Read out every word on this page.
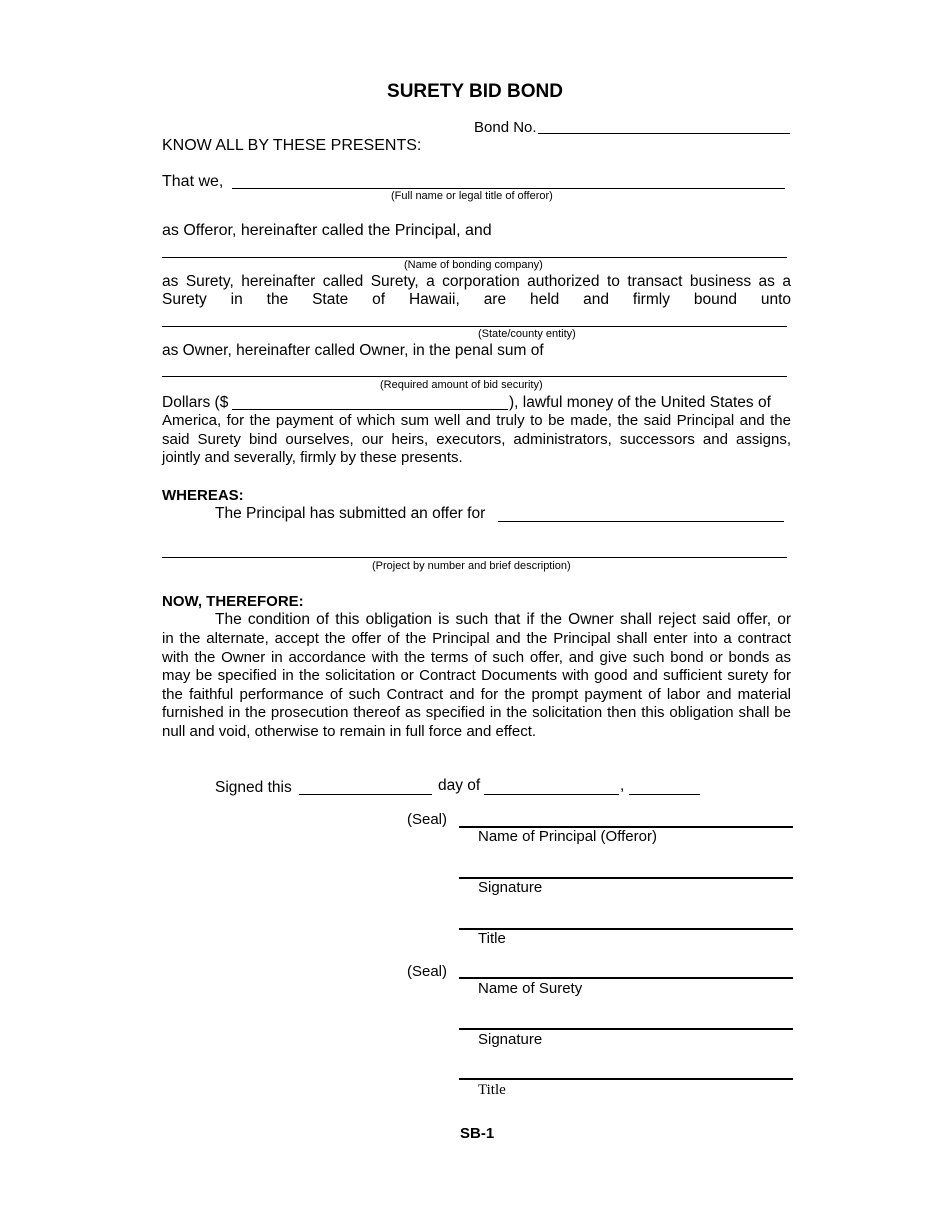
SURETY BID BOND
Bond No.
KNOW ALL BY THESE PRESENTS:
That we,
(Full name or legal title of offeror)
as Offeror, hereinafter called the Principal, and
(Name of bonding company)
as Surety, hereinafter called Surety, a corporation authorized to transact business as a
Surety in the State of Hawaii, are held and firmly bound unto
(State/county entity)
as Owner, hereinafter called Owner, in the penal sum of
(Required amount of bid security)
Dollars ($	), lawful money of the United States of
America, for the payment of which sum well and truly to be made, the said Principal and the said Surety bind ourselves, our heirs, executors, administrators, successors and assigns, jointly and severally, firmly by these presents.
WHEREAS:
The Principal has submitted an offer for
(Project by number and brief description)
NOW, THEREFORE:
The condition of this obligation is such that if the Owner shall reject said offer, or
in the alternate, accept the offer of the Principal and the Principal shall enter into a contract with the Owner in accordance with the terms of such offer, and give such bond or bonds as may be specified in the solicitation or Contract Documents with good and sufficient surety for the faithful performance of such Contract and for the prompt payment of labor and material furnished in the prosecution thereof as specified in the solicitation then this obligation shall be null and void, otherwise to remain in full force and effect.
Signed this	day of	,
(Seal)
Name of Principal (Offeror)
Signature
Title
(Seal)
Name of Surety
Signature
Title
SB-1
